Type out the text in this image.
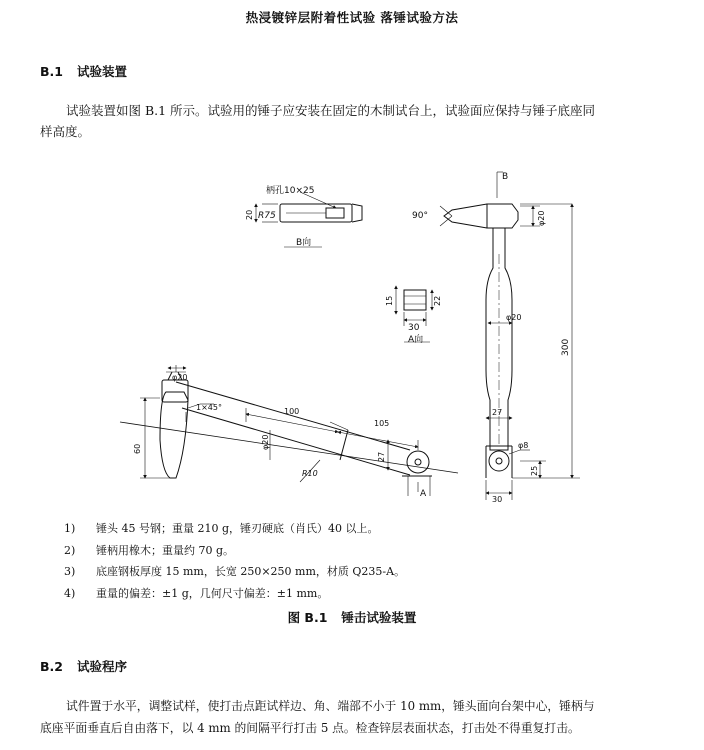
热浸镀锌层附着性试验 落锤试验方法
B.1 试验装置
试验装置如图 B.1 所示。试验用的锤子应安装在固定的木制试台上，试验面应保持与锤子底座同
样高度。
柄孔10×25
R75
20
B向
B
90°	φ20
15	22
30
A向
φ20
300
27
φ8
25
30
φ20
1×45°	100
105
60	φ20
27
R10
A
1) 锤头 45 号钢；重量 210 g，锤刃硬底（肖氏）40 以上。
2) 锤柄用橡木；重量约 70 g。
3) 底座钢板厚度 15 mm，长宽 250×250 mm，材质 Q235-A。
4) 重量的偏差：±1 g，几何尺寸偏差：±1 mm。
图 B.1 锤击试验装置
B.2 试验程序
试件置于水平，调整试样，使打击点距试样边、角、端部不小于 10 mm，锤头面向台架中心，锤柄与
底座平面垂直后自由落下，以 4 mm 的间隔平行打击 5 点。检查锌层表面状态，打击处不得重复打击。
